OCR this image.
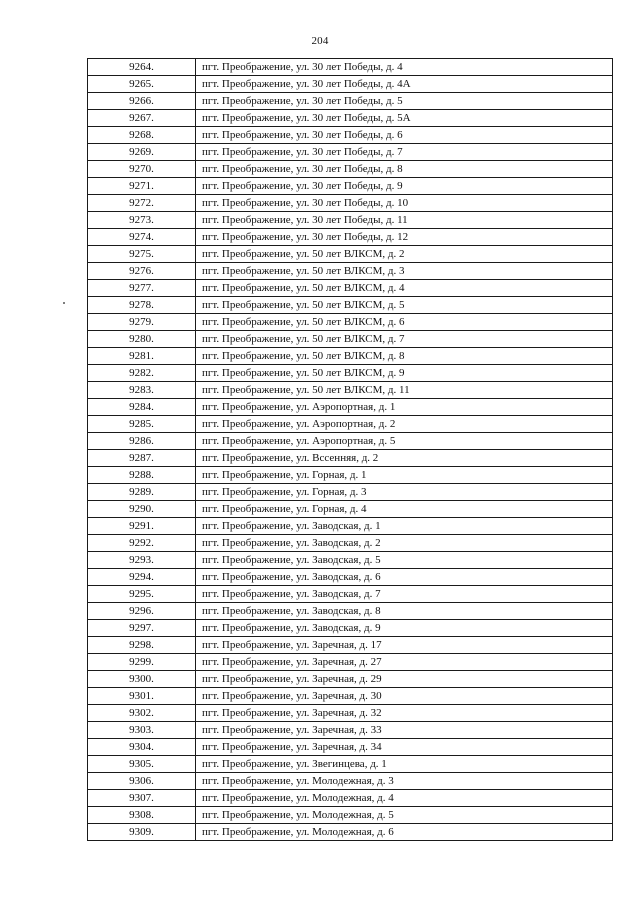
204
9264.	пгт. Преображение, ул. 30 лет Победы, д. 4
9265.	пгт. Преображение, ул. 30 лет Победы, д. 4А
9266.	пгт. Преображение, ул. 30 лет Победы, д. 5
9267.	пгт. Преображение, ул. 30 лет Победы, д. 5А
9268.	пгт. Преображение, ул. 30 лет Победы, д. 6
9269.	пгт. Преображение, ул. 30 лет Победы, д. 7
9270.	пгт. Преображение, ул. 30 лет Победы, д. 8
9271.	пгт. Преображение, ул. 30 лет Победы, д. 9
9272.	пгт. Преображение, ул. 30 лет Победы, д. 10
9273.	пгт. Преображение, ул. 30 лет Победы, д. 11
9274.	пгт. Преображение, ул. 30 лет Победы, д. 12
9275.	пгт. Преображение, ул. 50 лет ВЛКСМ, д. 2
9276.	пгт. Преображение, ул. 50 лет ВЛКСМ, д. 3
9277.	пгт. Преображение, ул. 50 лет ВЛКСМ, д. 4
9278.	пгт. Преображение, ул. 50 лет ВЛКСМ, д. 5
9279.	пгт. Преображение, ул. 50 лет ВЛКСМ, д. 6
9280.	пгт. Преображение, ул. 50 лет ВЛКСМ, д. 7
9281.	пгт. Преображение, ул. 50 лет ВЛКСМ, д. 8
9282.	пгт. Преображение, ул. 50 лет ВЛКСМ, д. 9
9283.	пгт. Преображение, ул. 50 лет ВЛКСМ, д. 11
9284.	пгт. Преображение, ул. Аэропортная, д. 1
9285.	пгт. Преображение, ул. Аэропортная, д. 2
9286.	пгт. Преображение, ул. Аэропортная, д. 5
9287.	пгт. Преображение, ул. Вссенняя, д. 2
9288.	пгт. Преображение, ул. Горная, д. 1
9289.	пгт. Преображение, ул. Горная, д. 3
9290.	пгт. Преображение, ул. Горная, д. 4
9291.	пгт. Преображение, ул. Заводская, д. 1
9292.	пгт. Преображение, ул. Заводская, д. 2
9293.	пгт. Преображение, ул. Заводская, д. 5
9294.	пгт. Преображение, ул. Заводская, д. 6
9295.	пгт. Преображение, ул. Заводская, д. 7
9296.	пгт. Преображение, ул. Заводская, д. 8
9297.	пгт. Преображение, ул. Заводская, д. 9
9298.	пгт. Преображение, ул. Заречная, д. 17
9299.	пгт. Преображение, ул. Заречная, д. 27
9300.	пгт. Преображение, ул. Заречная, д. 29
9301.	пгт. Преображение, ул. Заречная, д. 30
9302.	пгт. Преображение, ул. Заречная, д. 32
9303.	пгт. Преображение, ул. Заречная, д. 33
9304.	пгт. Преображение, ул. Заречная, д. 34
9305.	пгт. Преображение, ул. Звегинцева, д. 1
9306.	пгт. Преображение, ул. Молодежная, д. 3
9307.	пгт. Преображение, ул. Молодежная, д. 4
9308.	пгт. Преображение, ул. Молодежная, д. 5
9309.	пгт. Преображение, ул. Молодежная, д. 6
